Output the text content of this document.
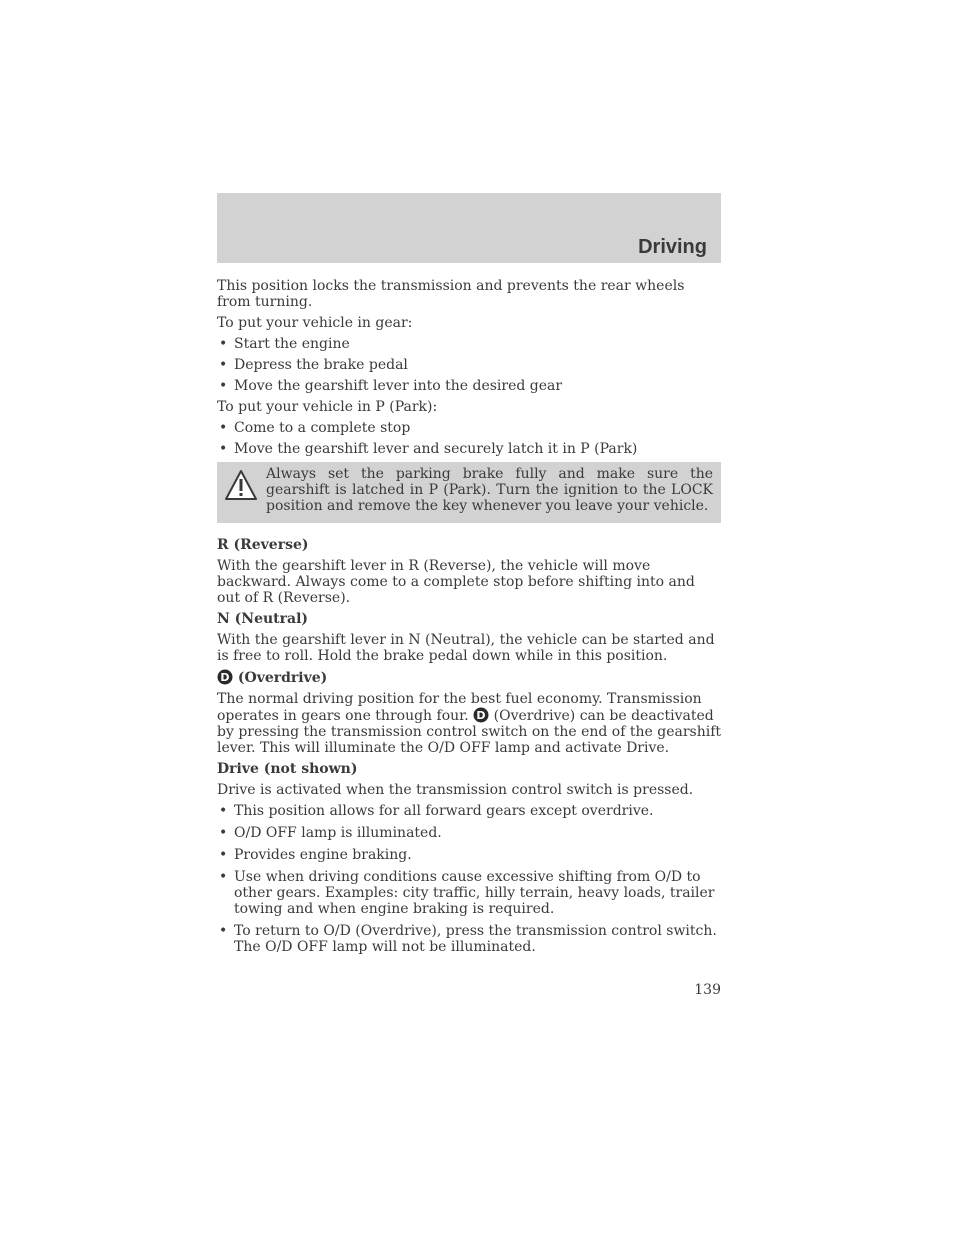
Driving

This position locks the transmission and prevents the rear wheels from turning.

To put your vehicle in gear:

• Start the engine
• Depress the brake pedal
• Move the gearshift lever into the desired gear

To put your vehicle in P (Park):

• Come to a complete stop
• Move the gearshift lever and securely latch it in P (Park)
Always set the parking brake fully and make sure the gearshift is latched in P (Park). Turn the ignition to the LOCK position and remove the key whenever you leave your vehicle.
R (Reverse)

With the gearshift lever in R (Reverse), the vehicle will move backward. Always come to a complete stop before shifting into and out of R (Reverse).

N (Neutral)

With the gearshift lever in N (Neutral), the vehicle can be started and is free to roll. Hold the brake pedal down while in this position.

D (Overdrive)

The normal driving position for the best fuel economy. Transmission operates in gears one through four. D (Overdrive) can be deactivated by pressing the transmission control switch on the end of the gearshift lever. This will illuminate the O/D OFF lamp and activate Drive.

Drive (not shown)

Drive is activated when the transmission control switch is pressed.

• This position allows for all forward gears except overdrive.
• O/D OFF lamp is illuminated.
• Provides engine braking.
• Use when driving conditions cause excessive shifting from O/D to other gears. Examples: city traffic, hilly terrain, heavy loads, trailer towing and when engine braking is required.
• To return to O/D (Overdrive), press the transmission control switch. The O/D OFF lamp will not be illuminated.
139
